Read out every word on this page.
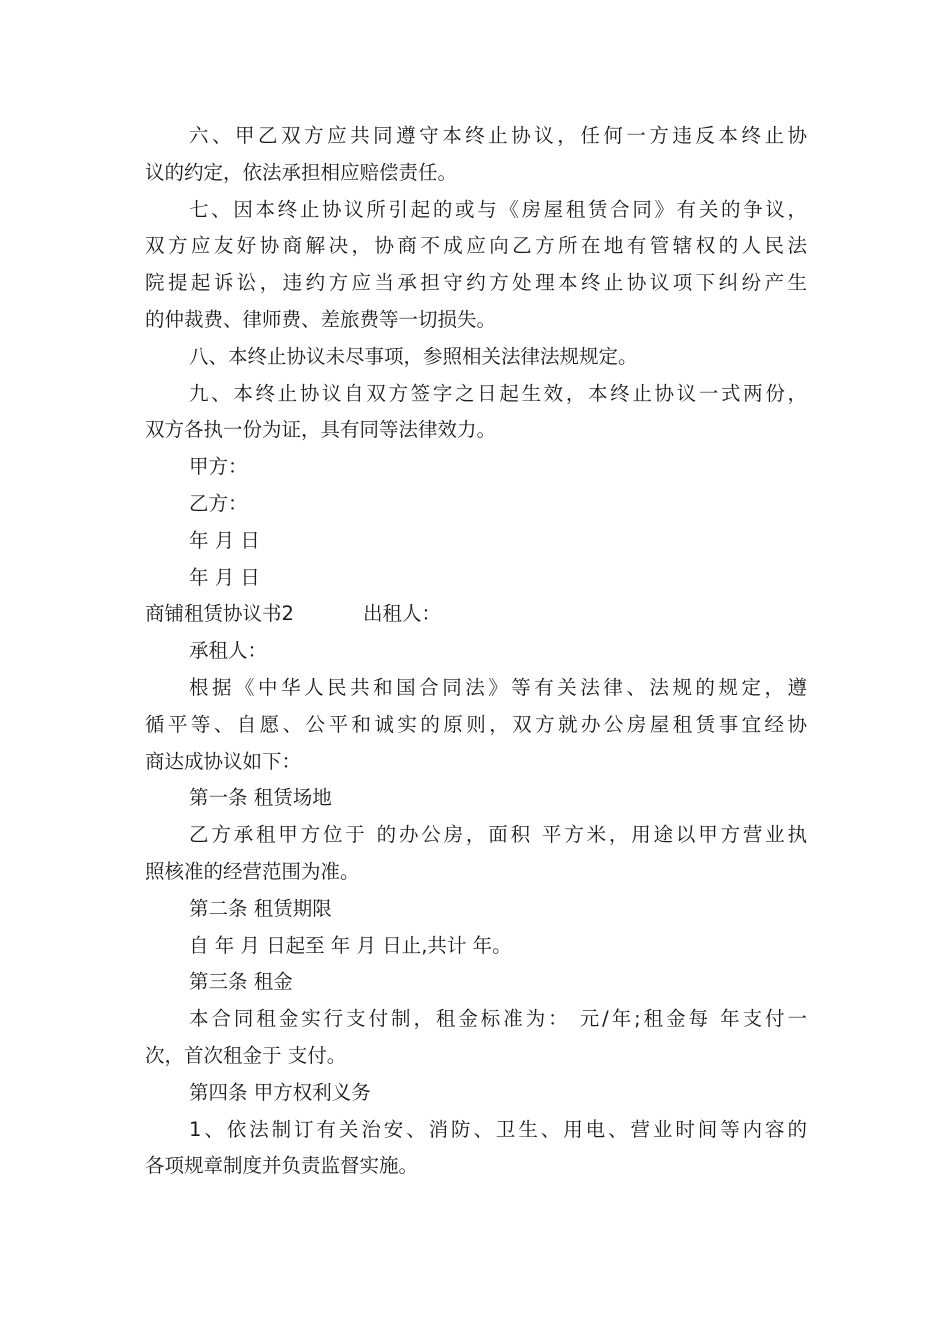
六、甲乙双方应共同遵守本终止协议，任何一方违反本终止协
议的约定，依法承担相应赔偿责任。
七、因本终止协议所引起的或与《房屋租赁合同》有关的争议，
双方应友好协商解决，协商不成应向乙方所在地有管辖权的人民法
院提起诉讼，违约方应当承担守约方处理本终止协议项下纠纷产生
的仲裁费、律师费、差旅费等一切损失。
八、本终止协议未尽事项，参照相关法律法规规定。
九、本终止协议自双方签字之日起生效，本终止协议一式两份，
双方各执一份为证，具有同等法律效力。
甲方：
乙方：
年 月 日
年 月 日
商铺租赁协议书2	出租人：
承租人：
根据《中华人民共和国合同法》等有关法律、法规的规定，遵
循平等、自愿、公平和诚实的原则，双方就办公房屋租赁事宜经协
商达成协议如下：
第一条 租赁场地
乙方承租甲方位于 的办公房，面积 平方米，用途以甲方营业执
照核准的经营范围为准。
第二条 租赁期限
自 年 月 日起至 年 月 日止,共计 年。
第三条 租金
本合同租金实行支付制，租金标准为： 元/年;租金每 年支付一
次，首次租金于 支付。
第四条 甲方权利义务
1、依法制订有关治安、消防、卫生、用电、营业时间等内容的
各项规章制度并负责监督实施。
